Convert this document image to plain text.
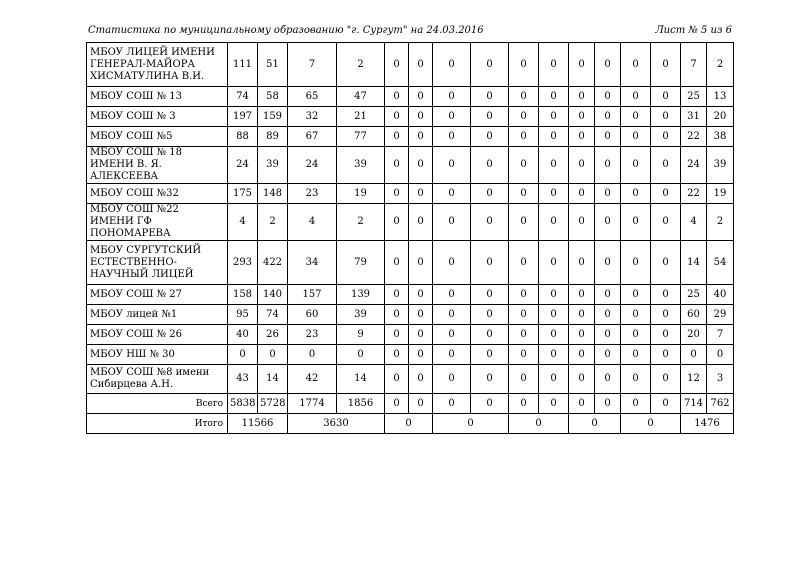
Статистика по муниципальному образованию "г. Сургут" на 24.03.2016	Лист № 5 из 6
МБОУ ЛИЦЕЙ ИМЕНИ ГЕНЕРАЛ-МАЙОРА ХИСМАТУЛИНА В.И.	111	51	7	2	0	0	0	0	0	0	0	0	0	0	7	2
МБОУ СОШ № 13	74	58	65	47	0	0	0	0	0	0	0	0	0	0	25	13
МБОУ СОШ № 3	197	159	32	21	0	0	0	0	0	0	0	0	0	0	31	20
МБОУ СОШ №5	88	89	67	77	0	0	0	0	0	0	0	0	0	0	22	38
МБОУ СОШ № 18 ИМЕНИ В. Я. АЛЕКСЕЕВА	24	39	24	39	0	0	0	0	0	0	0	0	0	0	24	39
МБОУ СОШ №32	175	148	23	19	0	0	0	0	0	0	0	0	0	0	22	19
МБОУ СОШ №22 ИМЕНИ ГФ ПОНОМАРЕВА	4	2	4	2	0	0	0	0	0	0	0	0	0	0	4	2
МБОУ СУРГУТСКИЙ ЕСТЕСТВЕННО-НАУЧНЫЙ ЛИЦЕЙ	293	422	34	79	0	0	0	0	0	0	0	0	0	0	14	54
МБОУ СОШ № 27	158	140	157	139	0	0	0	0	0	0	0	0	0	0	25	40
МБОУ лицей №1	95	74	60	39	0	0	0	0	0	0	0	0	0	0	60	29
МБОУ СОШ № 26	40	26	23	9	0	0	0	0	0	0	0	0	0	0	20	7
МБОУ НШ № 30	0	0	0	0	0	0	0	0	0	0	0	0	0	0	0	0
МБОУ СОШ №8 имени Сибирцева А.Н.	43	14	42	14	0	0	0	0	0	0	0	0	0	0	12	3
Всего	5838	5728	1774	1856	0	0	0	0	0	0	0	0	0	0	714	762
Итого	11566		3630		0		0		0		0		0		1476	
